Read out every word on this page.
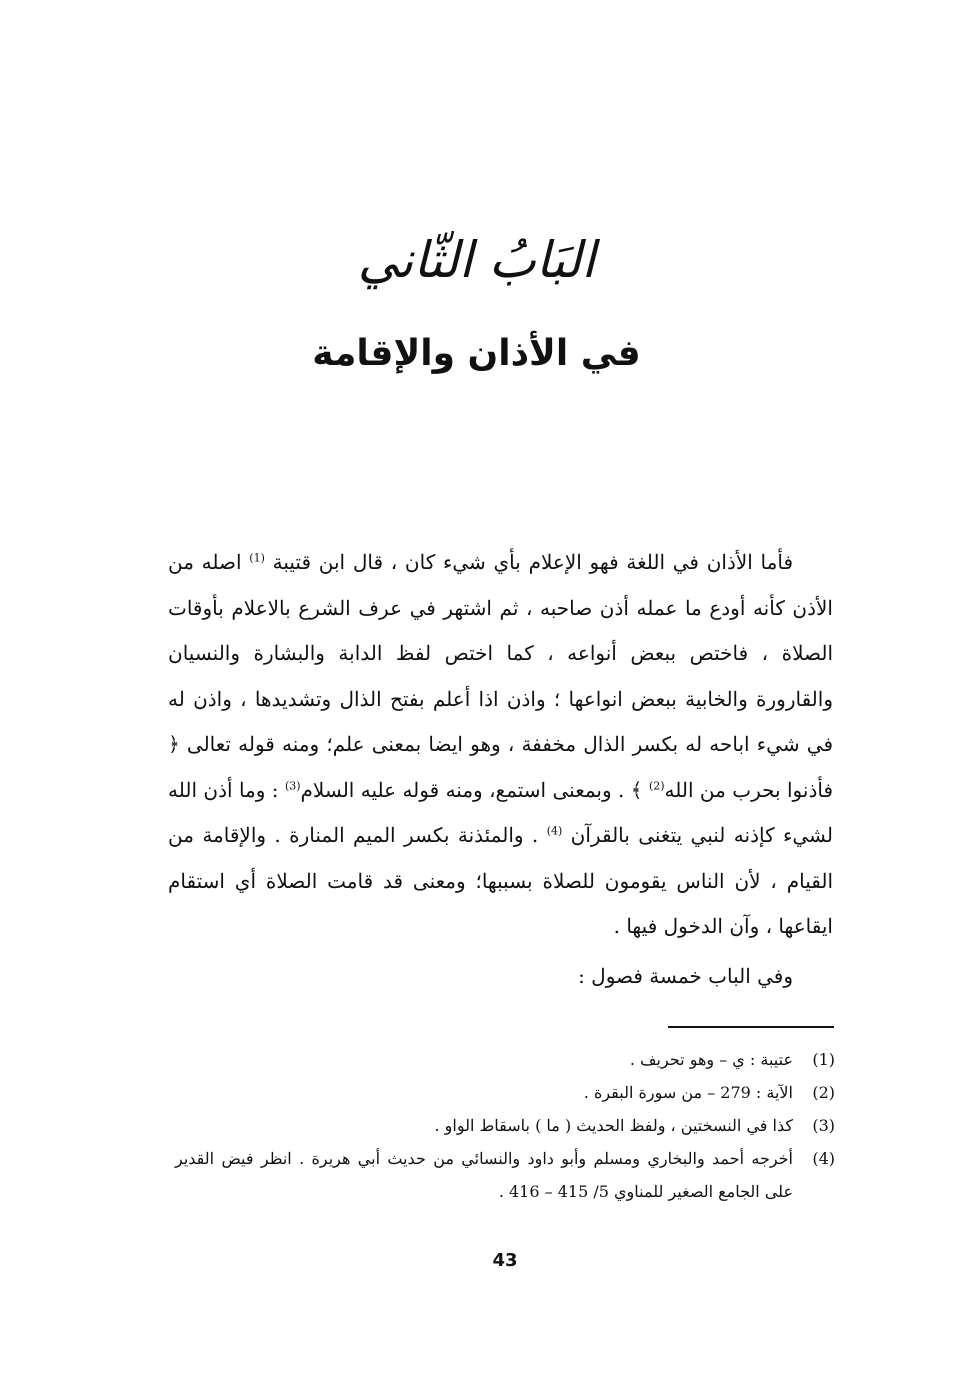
البَابُ الثّاني
في الأذان والإقامة

فأما الأذان في اللغة فهو الإعلام بأي شيء كان ، قال ابن قتيبة $^{(1)}$ اصله من الأذن كأنه أودع ما عمله أذن صاحبه ، ثم اشتهر في عرف الشرع بالاعلام بأوقات الصلاة ، فاختص ببعض أنواعه ، كما اختص لفظ الدابة والبشارة والنسيان والقارورة والخابية ببعض انواعها ؛ واذن اذا أعلم بفتح الذال وتشديدها ، واذن له في شيء اباحه له بكسر الذال مخففة ، وهو ايضا بمعنى علم؛ ومنه قوله تعالى ﴿ فأذنوا بحرب من الله$^{(2)}$ ﴾ . وبمعنى استمع، ومنه قوله عليه السلام$^{(3)}$ : وما أذن الله لشيء كإذنه لنبي يتغنى بالقرآن $^{(4)}$ . والمئذنة بكسر الميم المنارة . والإقامة من القيام ، لأن الناس يقومون للصلاة بسببها؛ ومعنى قد قامت الصلاة أي استقام ايقاعها ، وآن الدخول فيها .

وفي الباب خمسة فصول :

(1)
عتيبة : ي – وهو تحريف .
(2)
الآية : 279 – من سورة البقرة .
(3)
كذا في النسختين ، ولفظ الحديث ( ما ) باسقاط الواو .
(4)
أخرجه أحمد والبخاري ومسلم وأبو داود والنسائي من حديث أبي هريرة . انظر فيض القدير على الجامع الصغير للمناوي 5/ 415 – 416 .
43
